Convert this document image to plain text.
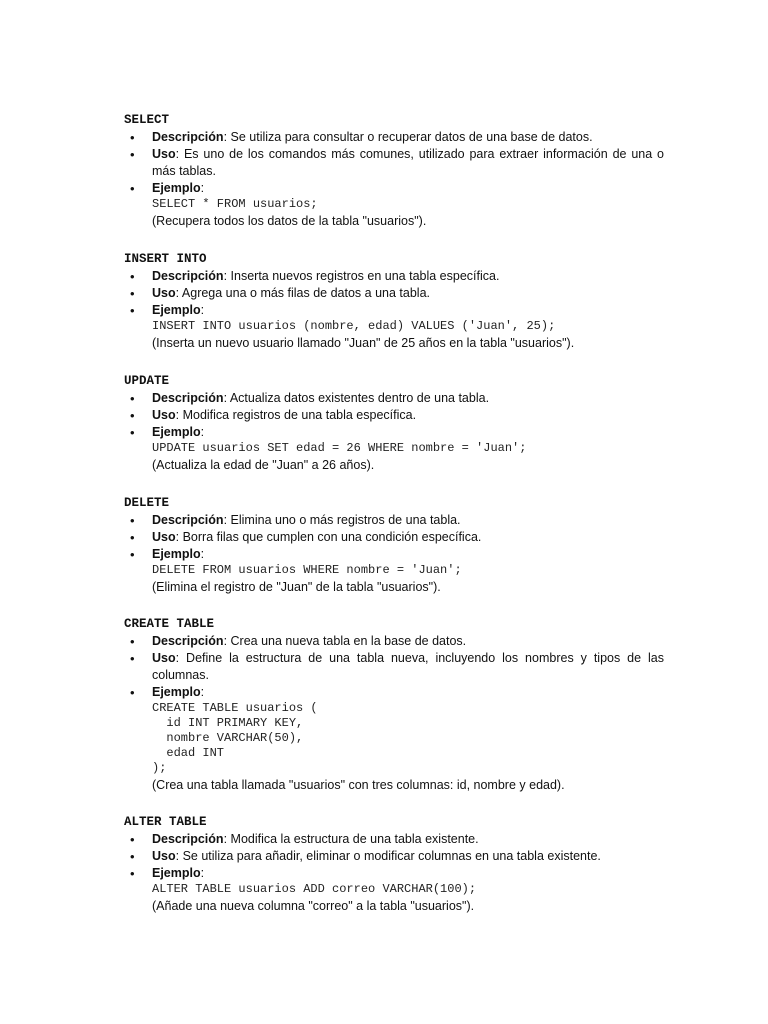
SELECT
•	Descripción: Se utiliza para consultar o recuperar datos de una base de datos.
•	Uso: Es uno de los comandos más comunes, utilizado para extraer información de una o más tablas.
•	Ejemplo:
SELECT * FROM usuarios;
(Recupera todos los datos de la tabla "usuarios").
INSERT INTO
•	Descripción: Inserta nuevos registros en una tabla específica.
•	Uso: Agrega una o más filas de datos a una tabla.
•	Ejemplo:
INSERT INTO usuarios (nombre, edad) VALUES ('Juan', 25);
(Inserta un nuevo usuario llamado "Juan" de 25 años en la tabla "usuarios").
UPDATE
•	Descripción: Actualiza datos existentes dentro de una tabla.
•	Uso: Modifica registros de una tabla específica.
•	Ejemplo:
UPDATE usuarios SET edad = 26 WHERE nombre = 'Juan';
(Actualiza la edad de "Juan" a 26 años).
DELETE
•	Descripción: Elimina uno o más registros de una tabla.
•	Uso: Borra filas que cumplen con una condición específica.
•	Ejemplo:
DELETE FROM usuarios WHERE nombre = 'Juan';
(Elimina el registro de "Juan" de la tabla "usuarios").
CREATE TABLE
•	Descripción: Crea una nueva tabla en la base de datos.
•	Uso: Define la estructura de una tabla nueva, incluyendo los nombres y tipos de las columnas.
•	Ejemplo:
CREATE TABLE usuarios (
id INT PRIMARY KEY,
nombre VARCHAR(50),
edad INT
);
(Crea una tabla llamada "usuarios" con tres columnas: id, nombre y edad).
ALTER TABLE
•	Descripción: Modifica la estructura de una tabla existente.
•	Uso: Se utiliza para añadir, eliminar o modificar columnas en una tabla existente.
•	Ejemplo:
ALTER TABLE usuarios ADD correo VARCHAR(100);
(Añade una nueva columna "correo" a la tabla "usuarios").
